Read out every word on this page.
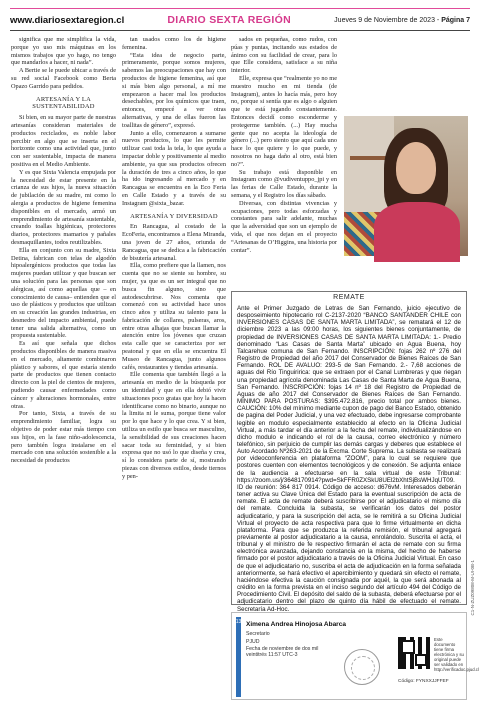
www.diariosextaregion.cl	DIARIO SEXTA REGIÓN	Jueves 9 de Noviembre de 2023 - Página 7

significa que me simplifica la vida, porque yo uso mis máquinas en los mismos trabajos que yo hago, no tengo que mandarlos a hacer, ni nada”.

A Bertie se le puede ubicar a través de su red social Facebook como Berta Opazo Garrido para pedidos.

ARTESANÍA Y LA SUSTENTABILIDAD

Si bien, en su mayor parte de nuestras artesanías consideran materiales de productos reciclados, es noble labor percibir en algo que se inserta en el horizonte como una actividad que, junto con ser sustentable, impacta de manera positiva en el Medio Ambiente.

Y es que Sixta Valencia empujada por la necesidad de estar presente en la crianza de sus hijos, la nueva situación de jubilación de su madre, mi como lo alergia a productos de higiene femenina disponibles en el mercado, armó un emprendimiento de artesanía sustentable, creando toallas higiénicas, protectores diarios, protectores mamarios y pañales desmaquillantes, todos reutilizables.

Ella en conjunto con su madre, Sixta Detina, fabrican con telas de algodón hipoalergénicos productos que todas las mujeres puedan utilizar y que buscan ser una solución para las personas que son alérgicas, así como aquellas que – en conocimiento de causa– entienden que el uso de plásticos y productos que utilizan en su creación las grandes industrias, en desmedro del impacto ambiental, puede tener una salida alternativa, como un propuesta sustentable.

Es así que señala que dichos productos disponibles de manera masiva en el mercado, altamente combinaron plástico y sabores, el que estaría siendo parte de productos que tienen contacto directo con la piel de cientos de mujeres, pudiendo causar enfermedades como cáncer y alteraciones hormonales, entre otras.

Por tanto, Sixta, a través de su emprendimiento familiar, logra su objetivo de poder estar más tiempo con sus hijos, en la fase niño-adolescencia, pero también logra instalarse en el mercado con una solución sostenible a la necesidad de productos

tan usados como los de higiene femenina.

“Esta idea de negocio parte, primeramente, porque somos mujeres, sabemos las preocupaciones que hay con productos de higiene femenina, así que si más bien algo personal, a mí me empezaron a hacer mal los productos desechables, por los químicos que traen, entonces, empecé a ver otras alternativas, y una de ellas fueron las toallitas de género”, expresó.

Junto a ello, comenzaron a sumarse nuevos productos, lo que les permite utilizar casi toda la tela, lo que ayuda a impactar doble y positivamente al medio ambiente, ya que sus productos ofrecen la duración de tres a cinco años, lo que ha ido ingresando al mercado y en Rancagua se encuentra en la Eco Feria en Calle Estado y a través de su Instagram @sixta_bazar.

ARTESANÍA Y DIVERSIDAD

En Rancagua, al costado de la EcoFeria, encontramos a Elena Miranda, una joven de 27 años, oriunda de Rancagua, que se dedica a la fabricación de bisutería artesanal.

Ella, como prefiere que la llamen, nos cuenta que no se siente su hombre, su mujer, ya que es un ser integral que no busca fin alguno, sino que autodescubrirse. Nos comenta que comenzó con su actividad hace unos cinco años y utiliza su talento para la fabricación de collares, pulseras, aros, entre otras alhajas que buscan llamar la atención entre los jóvenes que cruzan esta calle que se caracteriza por ser peatonal y que en ella se encuentra El Museo de Rancagua, junto algunos cafés, restaurantes y tiendas artesanía.

Elle comenta que también llegó a la artesanía en medio de la búsqueda por un identidad y que en ella debió vivir situaciones poco gratas que hoy la hacen identificarse como no binario, aunque no la limita ni le suma, porque tiene valor por lo que hace y lo que crea. Y si bien, utiliza un estilo que busca ser masculino, la sensibilidad de sus creaciones hacen sacar toda su feminidad, y si bien expresa que no usó lo que diseña y crea, sí lo considera parte de sí, mostrando piezas con diversos estilos, desde tiernos y pen-

sados en pequeñas, como rudos, con púas y puntas, incitando sus estados de ánimo con su facilidad de crear, para lo que Elle considera, satisface a su niña interior.

Elle, expresa que “realmente yo no me muestro mucho en mi tienda (de Instagram), antes lo hacía más, pero hoy no, porque si sentía que es algo o alguien que te está jugando constantemente. Entonces decidí como esconderme y protegerme también. (...) Hay mucha gente que no acepta la ideología de género (...) pero siento que aquí cada uno hace lo que quiere y lo que puede, y nosotros no haga daño al otro, está bien no?”.

Su trabajo está disponible en Instagram como @vudiventuppo_jpi y en las ferias de Calle Estado, durante la semana, y el Registro los días sábado.

Diversas, con distintas vivencias y ocupaciones, pero todas esforzadas y constantes para salir adelante, muchas que la adversidad que son un ejemplo de vida, el que nos dejan en el proyecto “Artesanas de O’Higgins, una historia por contar”.

REMATE
Ante el Primer Juzgado de Letras de San Fernando, juicio ejecutivo de desposeimiento hipotecario rol C-2137-2020 “BANCO SANTANDER CHILE con INVERSIONES CASAS DE SANTA MARTA LIMITADA”, se rematará el 12 de diciembre 2023 a las 09:00 horas, los siguientes bienes conjuntamente, de propiedad de INVERSIONES CASAS DE SANTA MARTA LIMITADA: 1.- Predio denominado “Las Casas de Santa Marta” ubicado en Agua Buena, hoy Talcarehue comuna de San Fernando. INSCRIPCIÓN: fojas 262 nº 276 del Registro de Propiedad del año 2017 del Conservador de Bienes Raíces de San Fernando. ROL DE AVALUO: 293-5 de San Fernando. 2.- 7,68 acciones de aguas del Río Tinguiririca: que se extraen por el Canal Lumbreras y que riegan una propiedad agrícola denominada Las Casas de Santa Marta de Agua Buena, San Fernando. INSCRIPCIÓN: fojas 14 nº 18 del Registro de Propiedad de Aguas de año 2017 del Conservador de Bienes Raíces de San Fernando. MÍNIMO PARA POSTURAS: $395.472.816, precio total por ambos bienes. CAUCIÓN: 10% del mínimo mediante cupon de pago del Banco Estado, obtenido de pagina del Poder Judicial, y una vez efectuado, debe ingresarse comprobante legible en modulo especialmente establecido al efecto en la Oficina Judicial Virtual, a más tardar el día anterior a la fecha del remate, individualizándose en dicho modulo e indicando el rol de la causa, correo electrónico y número telefónico, sin perjuicio de cumplir las demás cargas y deberes que establece el Auto Acordado Nº263-2021 de la Excma. Corte Suprema. La subasta se realizará por videoconferencia en plataforma “ZOOM”, para lo cual se requiere que postores cuenten con elementos tecnológicos y de conexión. Se adjunta enlace de la audiencia a efectuarse en la sala virtual de este Tribunal: https://zoom.us/j/3648170914?pwd=SkFFR0ZXSkU8UEl2bXhtSjBsWHJqUT09. ID de reunión: 364 817 0914. Código de acceso: d676vM. Interesados deberán tener activa su Clave Única del Estado para la eventual suscripción de acta de remate. El acta de remate deberá suscribirse por el adjudicatario el mismo día del remate. Concluida la subasta, se verificarán los datos del postor adjudicatario, y para la suscripción del acta, se le remitirá a su Oficina Judicial Virtual el proyecto de acta respectiva para que lo firme virtualmente en dicha plataforma. Para que se produzca la referida remisión, el tribunal agregará previamente al postor adjudicatario a la causa, enrolándolo. Suscrita el acta, el tribunal y el ministro de fe respectivo firmarán el acta de remate con su firma electrónica avanzada, dejando constancia en la misma, del hecho de haberse firmado por el postor adjudicatario a través de la Oficina Judicial Virtual. En caso de que el adjudicatario no, suscriba el acta de adjudicación en la forma señalada anteriormente, se hará efectivo el apercibimiento y quedará sin efecto el remate, haciéndose efectiva la caución consignada por aquél, la que será abonada al crédito en la forma prevista en el inciso segundo del artículo 494 del Código de Procedimiento Civil. El depósito del saldo de la subasta, deberá efectuarse por el adjudicatario dentro del plazo de quinto día hábil de efectuado el remate. Secretaría Ad-Hoc.	C1-N-ZUZ09808-M-UI-0B-1
13 Ximena Andrea Hinojosa Abarca
Secretario
PJUD
Fecha de noviembre de dos mil veintitrés 11:57 UTC-3
Este documento tiene firma electrónica y su original puede ser validado en http://verificadoc.pjud.cl
Código: FYNXXJJFFEF
